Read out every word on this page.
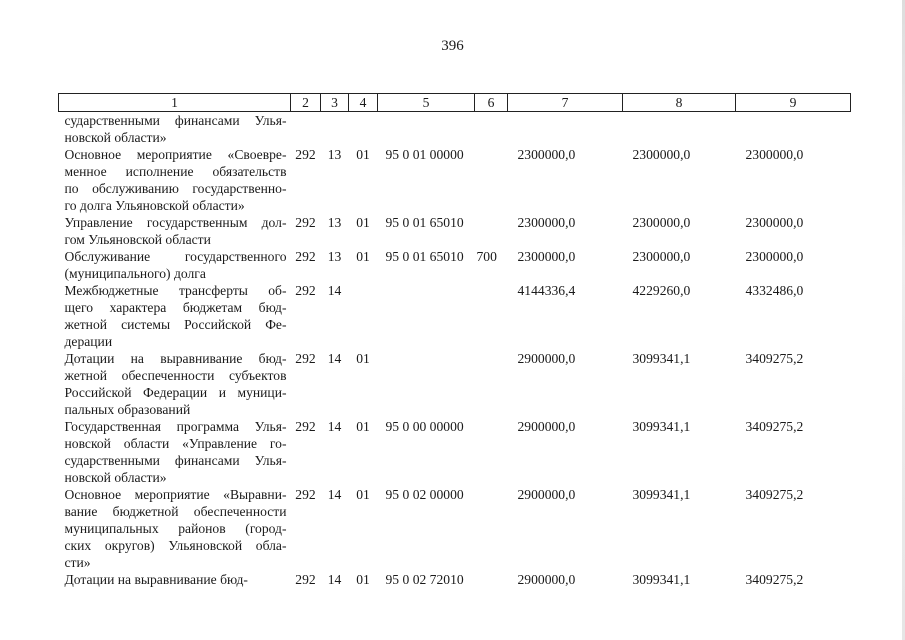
396
1	2	3	4	5	6	7	8	9

сударственными финансами Улья-
новской области»								

Основное мероприятие «Своевре-
менное исполнение обязательств
по обслуживанию государственно-
го долга Ульяновской области»	292	13	01	95 0 01 00000		2300000,0	2300000,0	2300000,0

Управление государственным дол-
гом Ульяновской области	292	13	01	95 0 01 65010		2300000,0	2300000,0	2300000,0

Обслуживание государственного
(муниципального) долга	292	13	01	95 0 01 65010	700	2300000,0	2300000,0	2300000,0

Межбюджетные трансферты об-
щего характера бюджетам бюд-
жетной системы Российской Фе-
дерации	292	14				4144336,4	4229260,0	4332486,0

Дотации на выравнивание бюд-
жетной обеспеченности субъектов
Российской Федерации и муници-
пальных образований	292	14	01			2900000,0	3099341,1	3409275,2

Государственная программа Улья-
новской области «Управление го-
сударственными финансами Улья-
новской области»	292	14	01	95 0 00 00000		2900000,0	3099341,1	3409275,2

Основное мероприятие «Выравни-
вание бюджетной обеспеченности
муниципальных районов (город-
ских округов) Ульяновской обла-
сти»	292	14	01	95 0 02 00000		2900000,0	3099341,1	3409275,2

Дотации на выравнивание бюд-	292	14	01	95 0 02 72010		2900000,0	3099341,1	3409275,2
